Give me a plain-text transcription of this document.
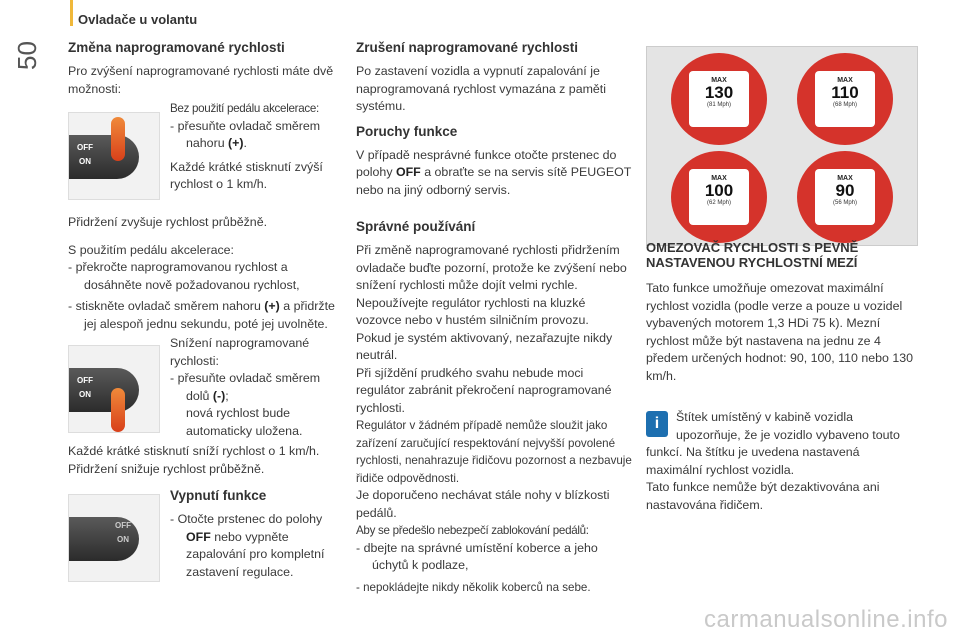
50
Ovladače u volantu
Změna naprogramované rychlosti

Pro zvýšení naprogramované rychlosti máte dvě možnosti:

OFF
ON

Bez použití pedálu akcelerace:

- přesuňte ovladač směrem nahoru (+).

Každé krátké stisknutí zvýší rychlost o 1 km/h.

Přidržení zvyšuje rychlost průběžně.

S použitím pedálu akcelerace:

- překročte naprogramovanou rychlost a dosáhněte nově požadovanou rychlost,

- stiskněte ovladač směrem nahoru (+) a přidržte jej alespoň jednu sekundu, poté jej uvolněte.

OFF
ON

Snížení naprogramované rychlosti:

- přesuňte ovladač směrem dolů (-);

nová rychlost bude automaticky uložena.

Každé krátké stisknutí sníží rychlost o 1 km/h.

Přidržení snižuje rychlost průběžně.

OFF
ON
Vypnutí funkce

- Otočte prstenec do polohy OFF nebo vypněte zapalování pro kompletní zastavení regulace.

Zrušení naprogramované rychlosti

Po zastavení vozidla a vypnutí zapalování je naprogramovaná rychlost vymazána z paměti systému.

Poruchy funkce

V případě nesprávné funkce otočte prstenec do polohy OFF a obraťte se na servis sítě PEUGEOT nebo na jiný odborný servis.

Správné používání

Při změně naprogramované rychlosti přidržením ovladače buďte pozorní, protože ke zvýšení nebo snížení rychlosti může dojít velmi rychle.

Nepoužívejte regulátor rychlosti na kluzké vozovce nebo v hustém silničním provozu.

Pokud je systém aktivovaný, nezařazujte nikdy neutrál.

Při sjíždění prudkého svahu nebude moci regulátor zabránit překročení naprogramované rychlosti.

Regulátor v žádném případě nemůže sloužit jako zařízení zaručující respektování nejvyšší povolené rychlosti, nenahrazuje řidičovu pozornost a nezbavuje řidiče odpovědnosti.

Je doporučeno nechávat stále nohy v blízkosti pedálů.

Aby se předešlo nebezpečí zablokování pedálů:

- dbejte na správné umístění koberce a jeho úchytů k podlaze,

- nepokládejte nikdy několik koberců na sebe.

MAX
130
(81 Mph)
MAX
110
(68 Mph)
MAX
100
(62 Mph)
MAX
90
(56 Mph)
OMEZOVAČ RYCHLOSTI S PEVNĚ NASTAVENOU RYCHLOSTNÍ MEZÍ

Tato funkce umožňuje omezovat maximální rychlost vozidla (podle verze a pouze u vozidel vybavených motorem 1,3 HDi 75 k). Mezní rychlost může být nastavena na jednu ze 4 předem určených hodnot: 90, 100, 110 nebo 130 km/h.

i	Štítek umístěný v kabině vozidla upozorňuje, že je vozidlo vybaveno touto funkcí. Na štítku je uvedena nastavená maximální rychlost vozidla.

Tato funkce nemůže být dezaktivována ani nastavována řidičem.

carmanualsonline.info
